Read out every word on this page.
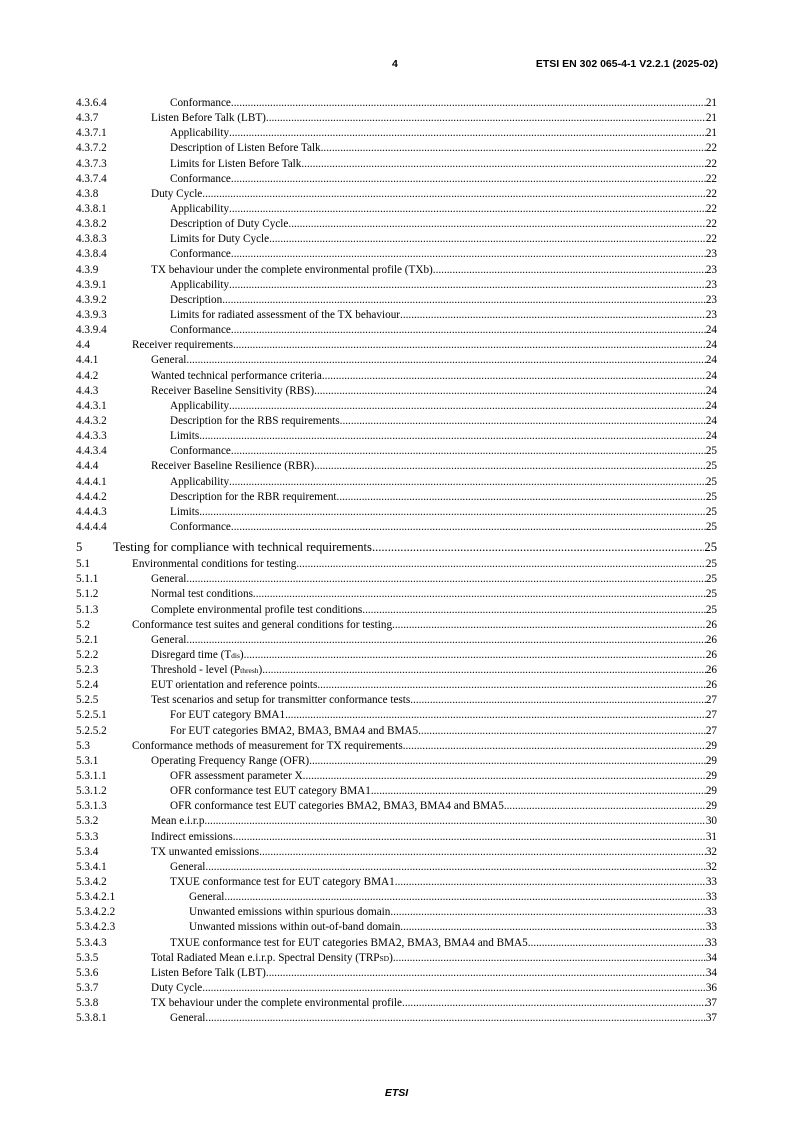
4	ETSI EN 302 065-4-1 V2.2.1 (2025-02)
4.3.6.4	Conformance .....	21
4.3.7	Listen Before Talk (LBT) .....	21
4.3.7.1	Applicability .....	21
4.3.7.2	Description of Listen Before Talk .....	22
4.3.7.3	Limits for Listen Before Talk .....	22
4.3.7.4	Conformance .....	22
4.3.8	Duty Cycle .....	22
4.3.8.1	Applicability .....	22
4.3.8.2	Description of Duty Cycle .....	22
4.3.8.3	Limits for Duty Cycle .....	22
4.3.8.4	Conformance .....	23
4.3.9	TX behaviour under the complete environmental profile (TXb) .....	23
4.3.9.1	Applicability .....	23
4.3.9.2	Description .....	23
4.3.9.3	Limits for radiated assessment of the TX behaviour .....	23
4.3.9.4	Conformance .....	24
4.4	Receiver requirements .....	24
4.4.1	General .....	24
4.4.2	Wanted technical performance criteria .....	24
4.4.3	Receiver Baseline Sensitivity (RBS) .....	24
4.4.3.1	Applicability .....	24
4.4.3.2	Description for the RBS requirements .....	24
4.4.3.3	Limits .....	24
4.4.3.4	Conformance .....	25
4.4.4	Receiver Baseline Resilience (RBR) .....	25
4.4.4.1	Applicability .....	25
4.4.4.2	Description for the RBR requirement .....	25
4.4.4.3	Limits .....	25
4.4.4.4	Conformance .....	25
5 Testing for compliance with technical requirements .....	25
5.1	Environmental conditions for testing .....	25
5.1.1	General .....	25
5.1.2	Normal test conditions .....	25
5.1.3	Complete environmental profile test conditions .....	25
5.2	Conformance test suites and general conditions for testing .....	26
5.2.1	General .....	26
5.2.2	Disregard time (Tdis) .....	26
5.2.3	Threshold - level (Pthresh) .....	26
5.2.4	EUT orientation and reference points .....	26
5.2.5	Test scenarios and setup for transmitter conformance tests .....	27
5.2.5.1	For EUT category BMA1 .....	27
5.2.5.2	For EUT categories BMA2, BMA3, BMA4 and BMA5 .....	27
5.3	Conformance methods of measurement for TX requirements .....	29
5.3.1	Operating Frequency Range (OFR) .....	29
5.3.1.1	OFR assessment parameter X .....	29
5.3.1.2	OFR conformance test EUT category BMA1 .....	29
5.3.1.3	OFR conformance test EUT categories BMA2, BMA3, BMA4 and BMA5 .....	29
5.3.2	Mean e.i.r.p. .....	30
5.3.3	Indirect emissions .....	31
5.3.4	TX unwanted emissions .....	32
5.3.4.1	General .....	32
5.3.4.2	TXUE conformance test for EUT category BMA1 .....	33
5.3.4.2.1	General .....	33
5.3.4.2.2	Unwanted emissions within spurious domain .....	33
5.3.4.2.3	Unwanted missions within out-of-band domain .....	33
5.3.4.3	TXUE conformance test for EUT categories BMA2, BMA3, BMA4 and BMA5 .....	33
5.3.5	Total Radiated Mean e.i.r.p. Spectral Density (TRPSD) .....	34
5.3.6	Listen Before Talk (LBT) .....	34
5.3.7	Duty Cycle .....	36
5.3.8	TX behaviour under the complete environmental profile .....	37
5.3.8.1	General .....	37
ETSI
